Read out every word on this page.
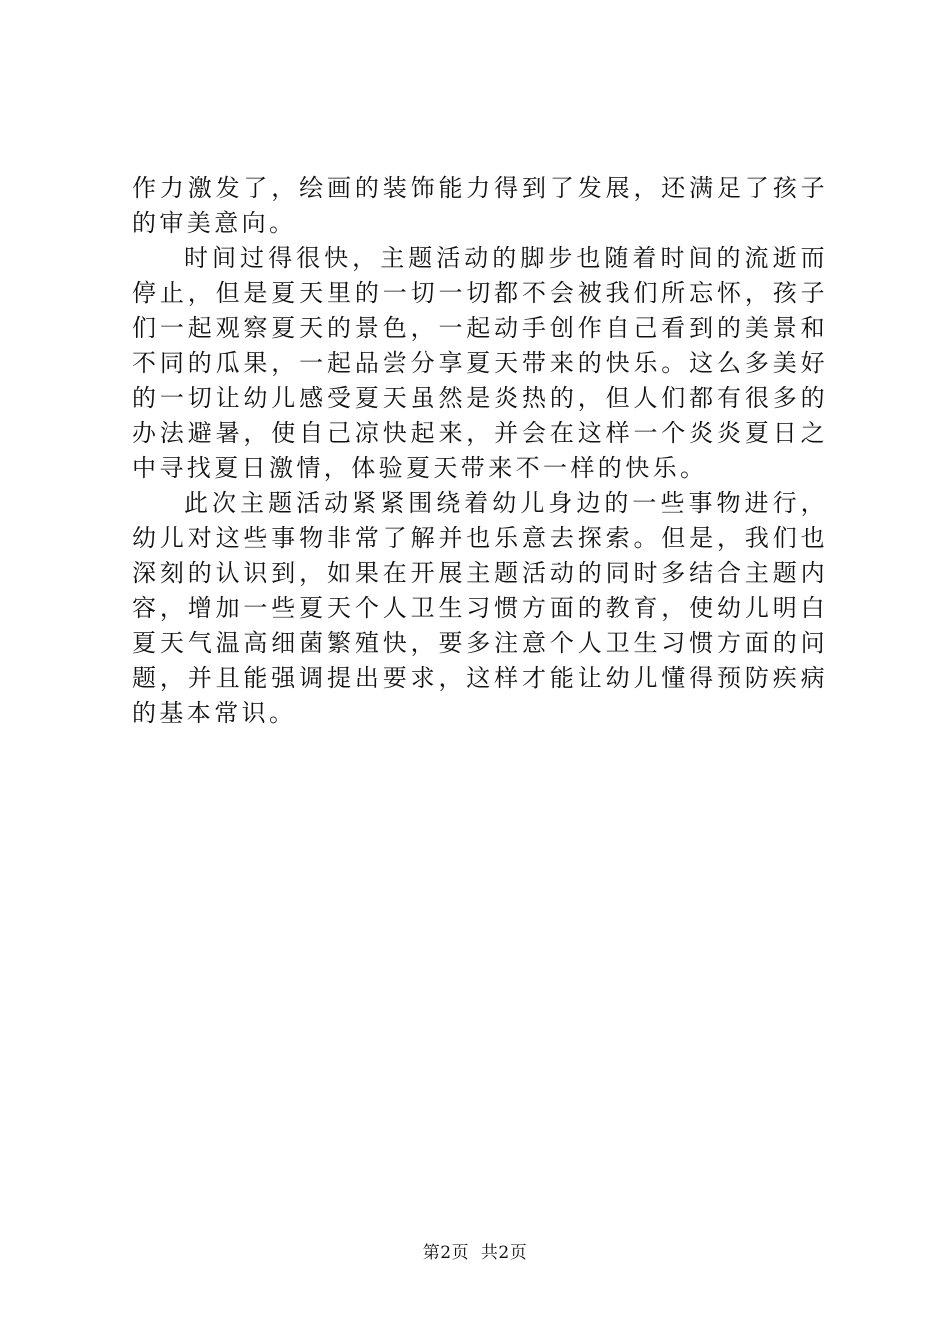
作力激发了，绘画的装饰能力得到了发展，还满足了孩子的审美意向。

时间过得很快，主题活动的脚步也随着时间的流逝而停止，但是夏天里的一切一切都不会被我们所忘怀，孩子们一起观察夏天的景色，一起动手创作自己看到的美景和不同的瓜果，一起品尝分享夏天带来的快乐。这么多美好的一切让幼儿感受夏天虽然是炎热的，但人们都有很多的办法避暑，使自己凉快起来，并会在这样一个炎炎夏日之中寻找夏日激情，体验夏天带来不一样的快乐。

此次主题活动紧紧围绕着幼儿身边的一些事物进行，幼儿对这些事物非常了解并也乐意去探索。但是，我们也深刻的认识到，如果在开展主题活动的同时多结合主题内容，增加一些夏天个人卫生习惯方面的教育，使幼儿明白夏天气温高细菌繁殖快，要多注意个人卫生习惯方面的问题，并且能强调提出要求，这样才能让幼儿懂得预防疾病的基本常识。

第2页 共2页
